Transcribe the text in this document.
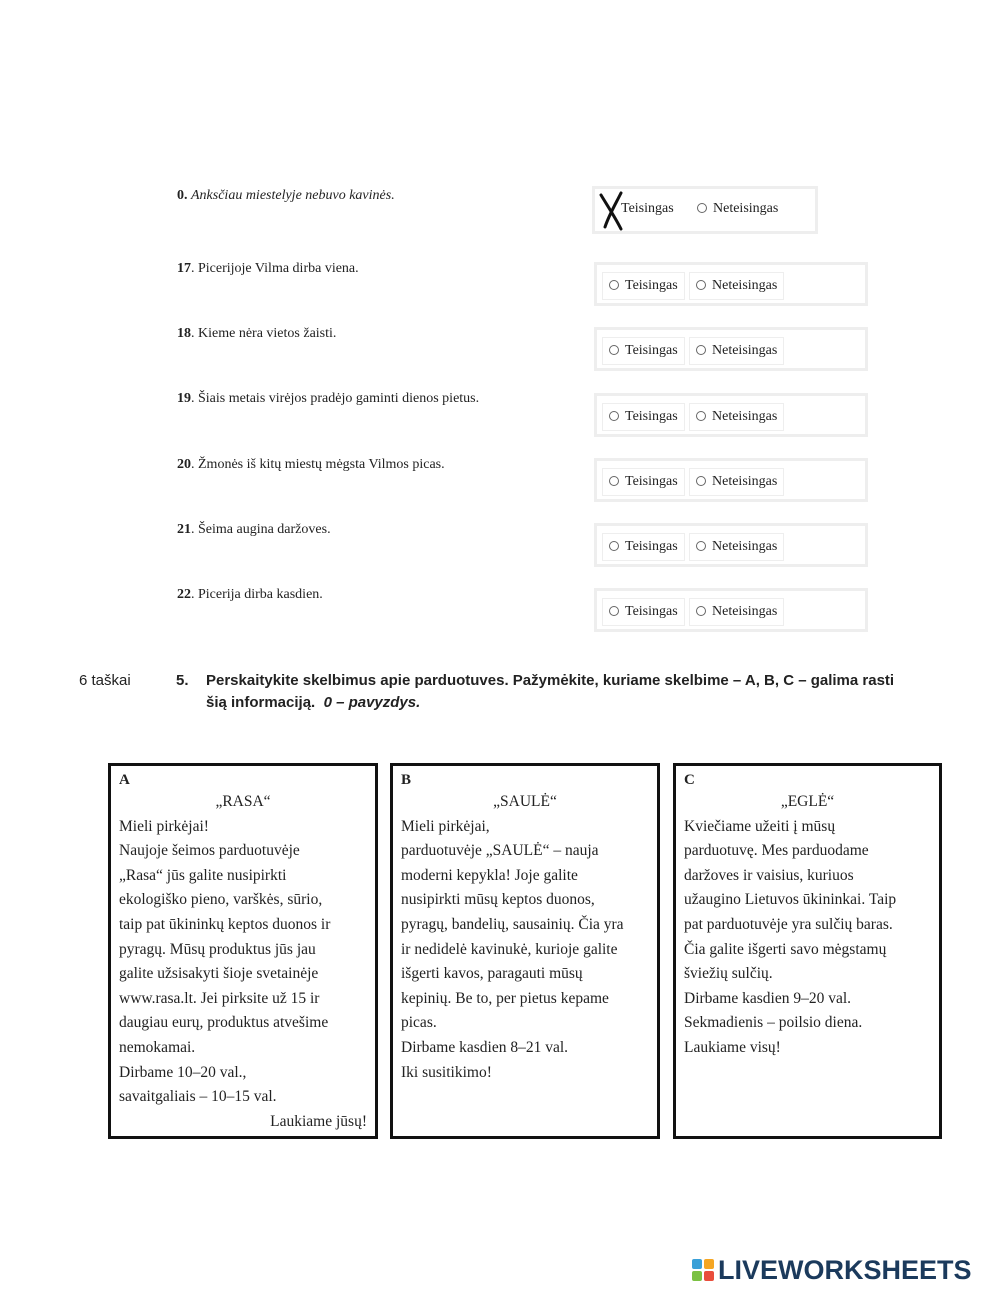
0. Anksčiau miestelyje nebuvo kavinės.
Teisingas	Neteisingas
17. Picerijoje Vilma dirba viena.
Teisingas	Neteisingas
18. Kieme nėra vietos žaisti.
Teisingas	Neteisingas
19. Šiais metais virėjos pradėjo gaminti dienos pietus.
Teisingas	Neteisingas
20. Žmonės iš kitų miestų mėgsta Vilmos picas.
Teisingas	Neteisingas
21. Šeima augina daržoves.
Teisingas	Neteisingas
22. Picerija dirba kasdien.
Teisingas	Neteisingas
6 taškai	5. Perskaitykite skelbimus apie parduotuves. Pažymėkite, kuriame skelbime – A, B, C – galima rasti šią informaciją. 0 – pavyzdys.
A
„RASA“
Mieli pirkėjai!
Naujoje šeimos parduotuvėje
„Rasa“ jūs galite nusipirkti
ekologiško pieno, varškės, sūrio,
taip pat ūkininkų keptos duonos ir
pyragų. Mūsų produktus jūs jau
galite užsisakyti šioje svetainėje
www.rasa.lt. Jei pirksite už 15 ir
daugiau eurų, produktus atvešime
nemokamai.
Dirbame 10–20 val.,
savaitgaliais – 10–15 val.
Laukiame jūsų!
B
„SAULĖ“
Mieli pirkėjai,
parduotuvėje „SAULĖ“ – nauja
moderni kepykla! Joje galite
nusipirkti mūsų keptos duonos,
pyragų, bandelių, sausainių. Čia yra
ir nedidelė kavinukė, kurioje galite
išgerti kavos, paragauti mūsų
kepinių. Be to, per pietus kepame
picas.
Dirbame kasdien 8–21 val.
Iki susitikimo!
C
„EGLĖ“
Kviečiame užeiti į mūsų
parduotuvę. Mes parduodame
daržoves ir vaisius, kuriuos
užaugino Lietuvos ūkininkai. Taip
pat parduotuvėje yra sulčių baras.
Čia galite išgerti savo mėgstamų
šviežių sulčių.
Dirbame kasdien 9–20 val.
Sekmadienis – poilsio diena.
Laukiame visų!
LIVEWORKSHEETS
